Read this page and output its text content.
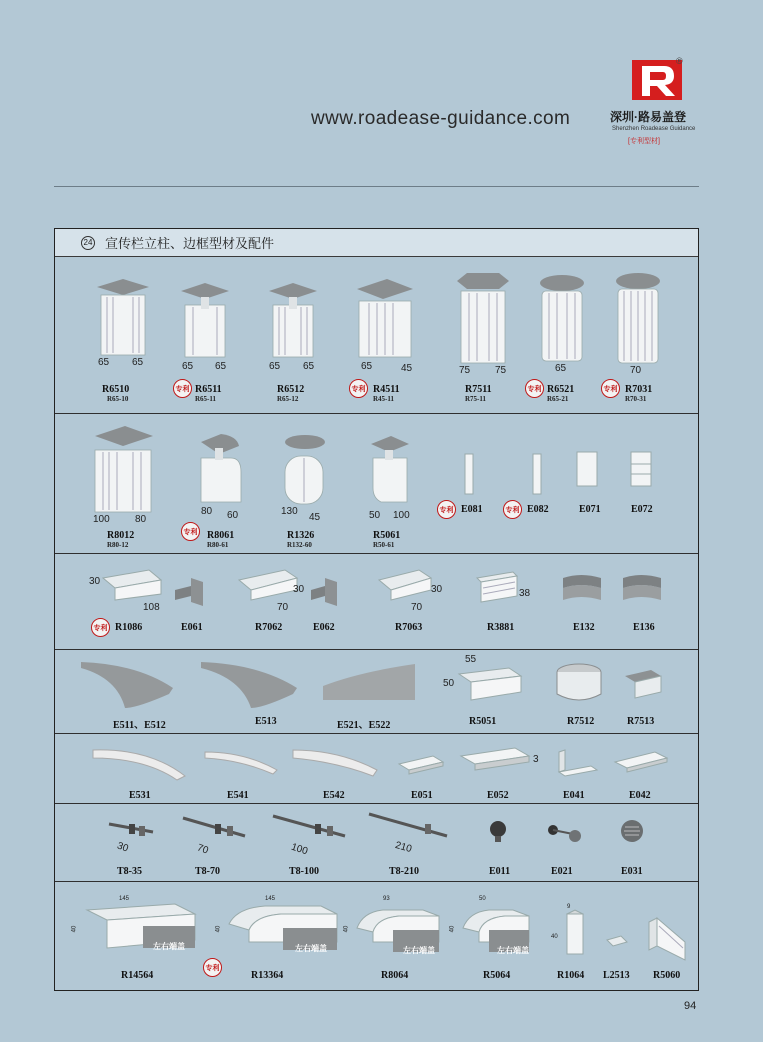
www.roadease-guidance.com
®
深圳·路易盖登
Shenzhen Roadease Guidance
[专利型材]
24 宣传栏立柱、边框型材及配件
65 65
R6510
R65-10
65 65
专利 R6511
R65-11
65 65
R6512
R65-12
65	45
专利 R4511
R45-11
75 75
R7511
R75-11
65
专利 R6521
R65-21
70
专利 R7031
R70-31
100	80
R8012
R80-12
80 60
专利 R8061
R80-61
130
45
R1326
R132-60
50 100
R5061
R50-61
专利 E081	专利 E082	E071	E072
30
108
专利 R1086	E061
30
70
R7062	E062
30
70
R7063
38
R3881	E132	E136
E511、E512	E513	E521、E522
55
50
R5051	R7512	R7513
E531	E541	E542	E051
3
E052	E041	E042
30
T8-35
70
T8-70
100
T8-100
210
T8-210	E011	E021	E031
145
40
左右端盖
R14564
145
40
左右端盖
专利
R13364
93
40
左右端盖
R8064
50
40
左右端盖
R5064
9
40
R1064 L2513 R5060
94
